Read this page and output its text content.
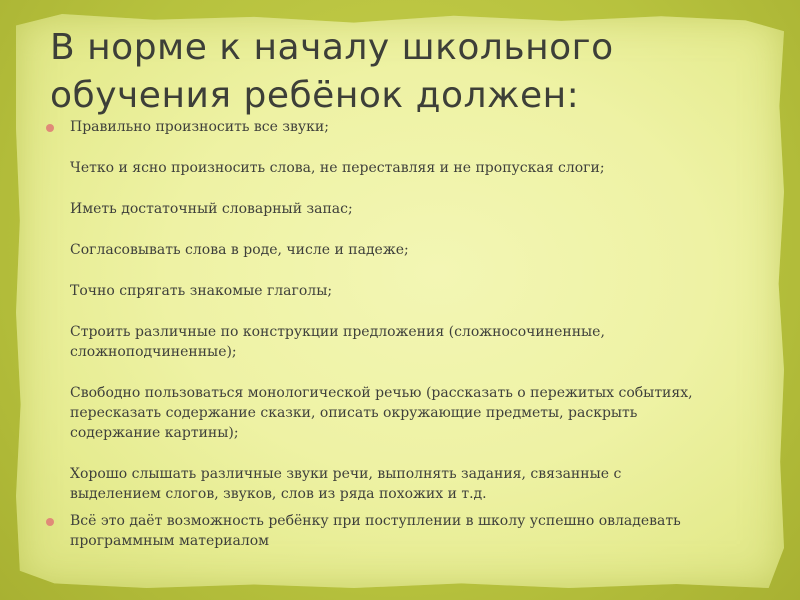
В норме к началу школьного
обучения ребёнок должен:
Правильно произносить все звуки;
Четко и ясно произносить слова, не переставляя и не пропуская слоги;
Иметь достаточный словарный запас;
Согласовывать слова в роде, числе и падеже;
Точно спрягать знакомые глаголы;
Строить различные по конструкции предложения (сложносочиненные,
сложноподчиненные);
Свободно пользоваться монологической речью (рассказать о пережитых событиях,
пересказать содержание сказки, описать окружающие предметы, раскрыть
содержание картины);
Хорошо слышать различные звуки речи, выполнять задания, связанные с
выделением слогов, звуков, слов из ряда похожих и т.д.
Всё это даёт возможность ребёнку при поступлении в школу успешно овладевать
программным материалом
